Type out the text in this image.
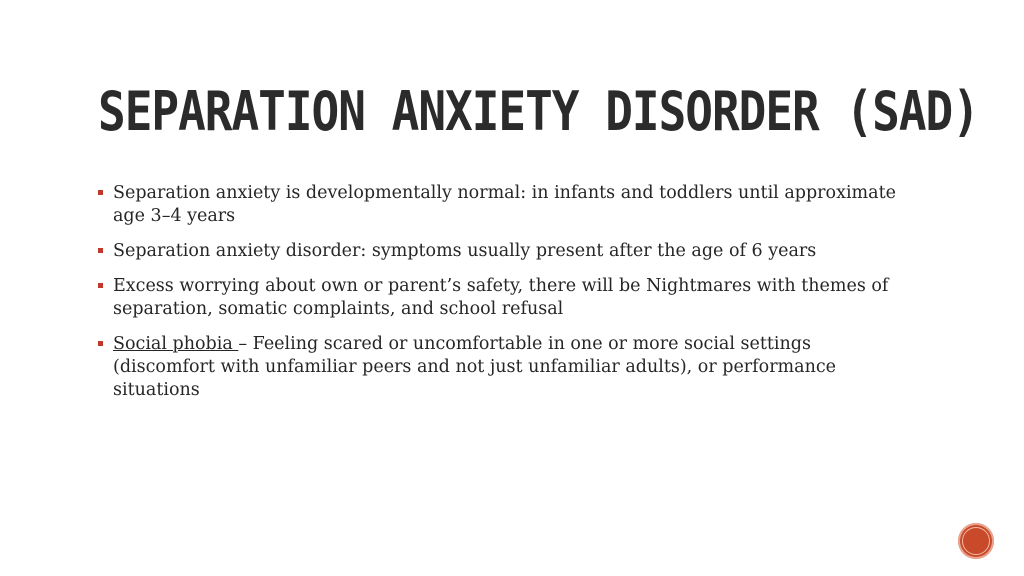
SEPARATION ANXIETY DISORDER (SAD)
Separation anxiety is developmentally normal: in infants and toddlers until approximate age 3–4 years
Separation anxiety disorder: symptoms usually present after the age of 6 years
Excess worrying about own or parent’s safety, there will be Nightmares with themes of separation, somatic complaints, and school refusal
Social phobia – Feeling scared or uncomfortable in one or more social settings (discomfort with unfamiliar peers and not just unfamiliar adults), or performance situations
